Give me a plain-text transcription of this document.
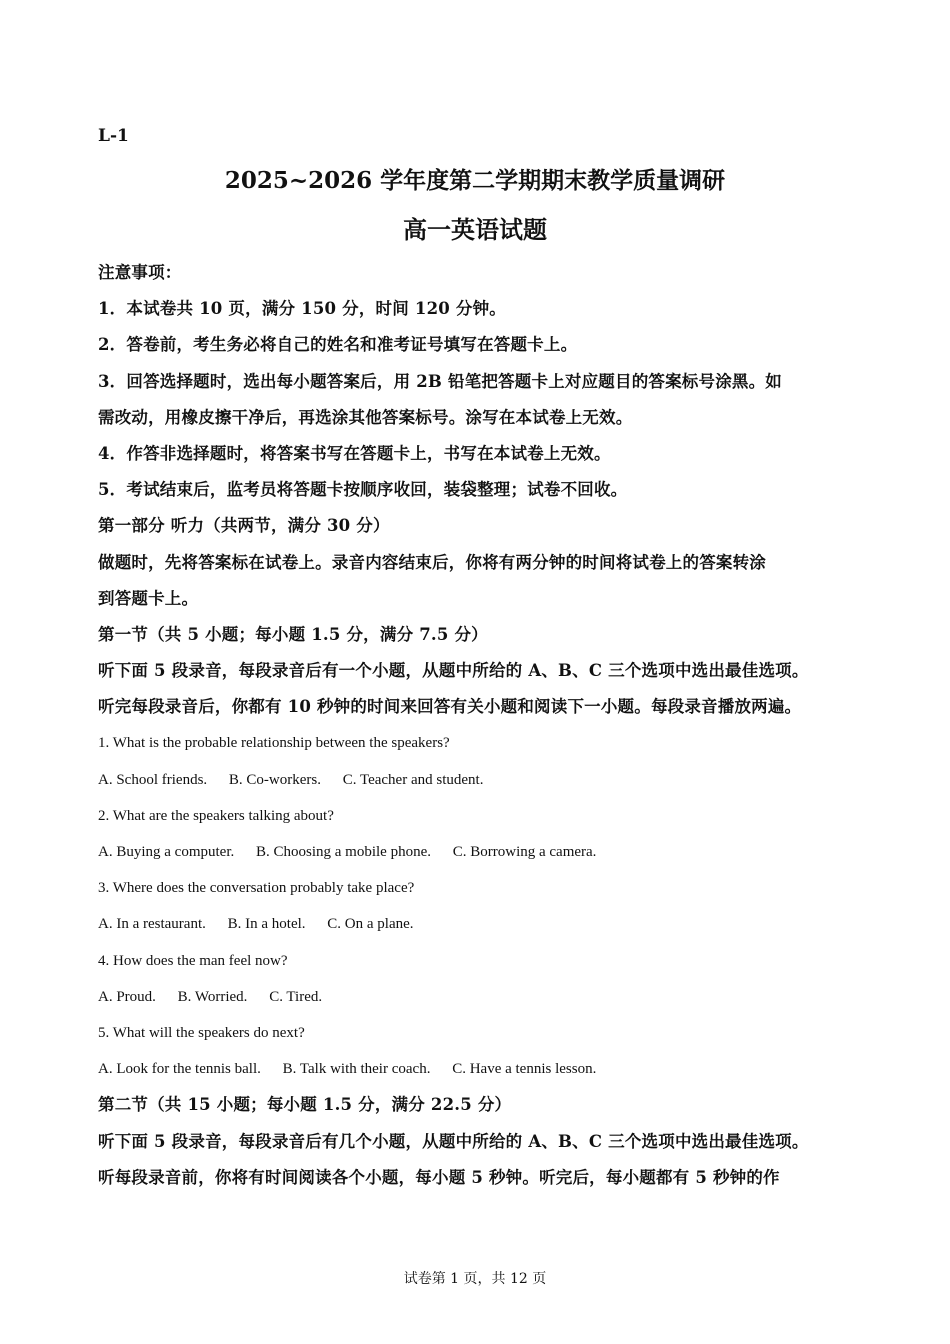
L-1
2025~2026 学年度第二学期期末教学质量调研
高一英语试题
注意事项：
1．本试卷共 10 页，满分 150 分，时间 120 分钟。
2．答卷前，考生务必将自己的姓名和准考证号填写在答题卡上。
3．回答选择题时，选出每小题答案后，用 2B 铅笔把答题卡上对应题目的答案标号涂黑。如
需改动，用橡皮擦干净后，再选涂其他答案标号。涂写在本试卷上无效。
4．作答非选择题时，将答案书写在答题卡上，书写在本试卷上无效。
5．考试结束后，监考员将答题卡按顺序收回，装袋整理；试卷不回收。
第一部分 听力（共两节，满分 30 分）
做题时，先将答案标在试卷上。录音内容结束后，你将有两分钟的时间将试卷上的答案转涂
到答题卡上。
第一节（共 5 小题；每小题 1.5 分，满分 7.5 分）
听下面 5 段录音，每段录音后有一个小题，从题中所给的 A、B、C 三个选项中选出最佳选项。
听完每段录音后，你都有 10 秒钟的时间来回答有关小题和阅读下一小题。每段录音播放两遍。
1. What is the probable relationship between the speakers?
A. School friends. B. Co-workers. C. Teacher and student.
2. What are the speakers talking about?
A. Buying a computer. B. Choosing a mobile phone. C. Borrowing a camera.
3. Where does the conversation probably take place?
A. In a restaurant. B. In a hotel. C. On a plane.
4. How does the man feel now?
A. Proud. B. Worried. C. Tired.
5. What will the speakers do next?
A. Look for the tennis ball. B. Talk with their coach. C. Have a tennis lesson.
第二节（共 15 小题；每小题 1.5 分，满分 22.5 分）
听下面 5 段录音，每段录音后有几个小题，从题中所给的 A、B、C 三个选项中选出最佳选项。
听每段录音前，你将有时间阅读各个小题，每小题 5 秒钟。听完后，每小题都有 5 秒钟的作
试卷第 1 页，共 12 页
